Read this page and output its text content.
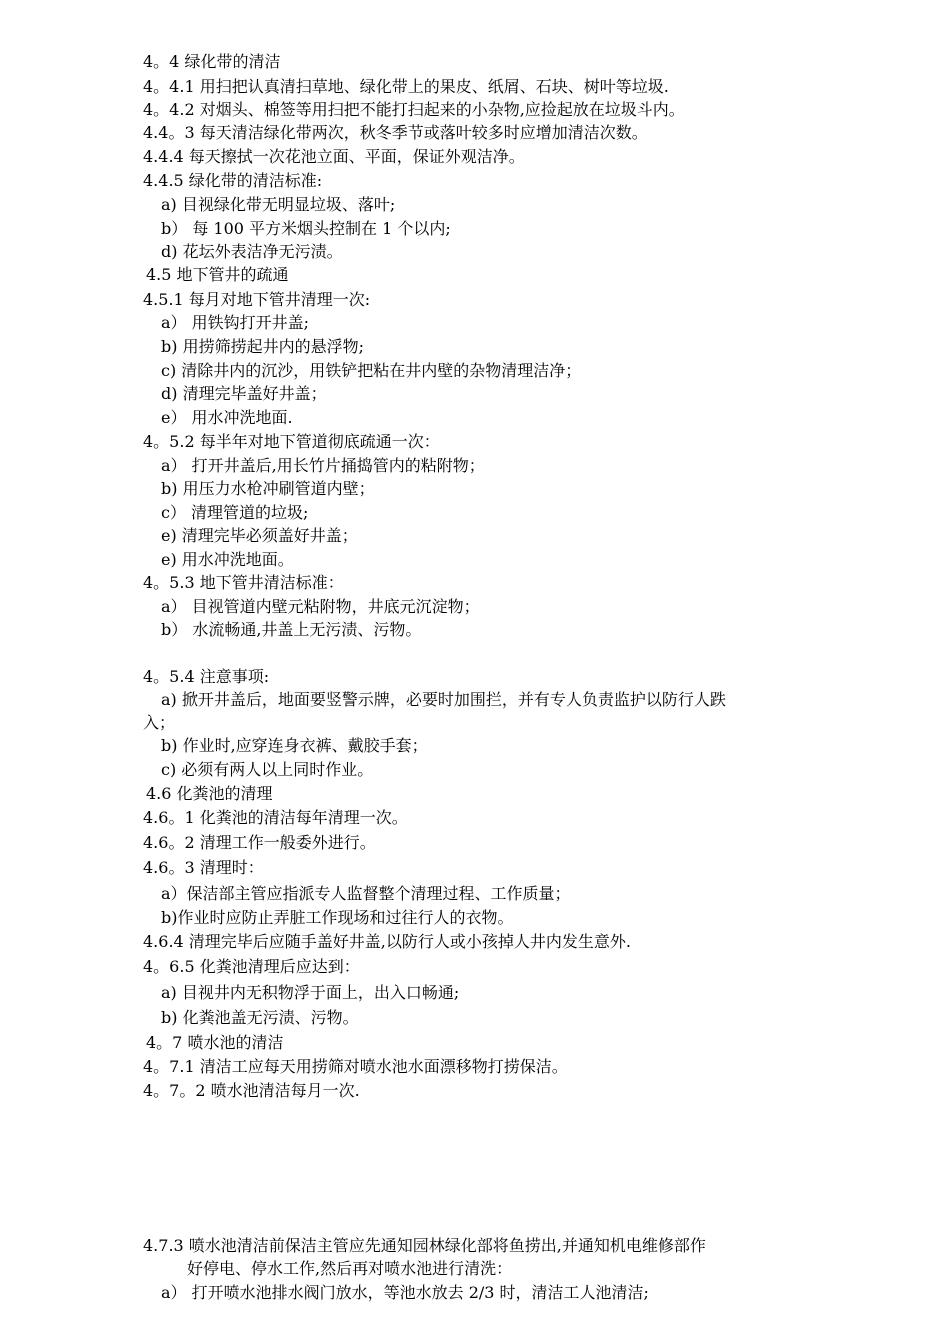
4。4 绿化带的清洁
4。4.1 用扫把认真清扫草地、绿化带上的果皮、纸屑、石块、树叶等垃圾.
4。4.2 对烟头、棉签等用扫把不能打扫起来的小杂物,应捡起放在垃圾斗内。
4.4。3 每天清洁绿化带两次，秋冬季节或落叶较多时应增加清洁次数。
4.4.4 每天擦拭一次花池立面、平面，保证外观洁净。
4.4.5 绿化带的清洁标准:
a) 目视绿化带无明显垃圾、落叶;
b） 每 100 平方米烟头控制在 1 个以内;
d) 花坛外表洁净无污渍。
4.5 地下管井的疏通
4.5.1 每月对地下管井清理一次:
a） 用铁钩打开井盖;
b) 用捞筛捞起井内的悬浮物;
c) 清除井内的沉沙，用铁铲把粘在井内壁的杂物清理洁净；
d) 清理完毕盖好井盖；
e） 用水冲洗地面.
4。5.2 每半年对地下管道彻底疏通一次：
a） 打开井盖后,用长竹片捅捣管内的粘附物；
b) 用压力水枪冲刷管道内壁；
c） 清理管道的垃圾;
e) 清理完毕必须盖好井盖；
e) 用水冲洗地面。
4。5.3 地下管井清洁标准：
a） 目视管道内壁元粘附物，井底元沉淀物；
b） 水流畅通,井盖上无污渍、污物。
4。5.4 注意事项:
a) 掀开井盖后，地面要竖警示牌，必要时加围拦，并有专人负责监护以防行人跌
入；
b) 作业时,应穿连身衣裤、戴胶手套；
c) 必须有两人以上同时作业。
4.6 化粪池的清理
4.6。1 化粪池的清洁每年清理一次。
4.6。2 清理工作一般委外进行。
4.6。3 清理时：
a）保洁部主管应指派专人监督整个清理过程、工作质量；
b)作业时应防止弄脏工作现场和过往行人的衣物。
4.6.4 清理完毕后应随手盖好井盖,以防行人或小孩掉人井内发生意外.
4。6.5 化粪池清理后应达到：
a) 目视井内无积物浮于面上，出入口畅通;
b) 化粪池盖无污渍、污物。
4。7 喷水池的清洁
4。7.1 清洁工应每天用捞筛对喷水池水面漂移物打捞保洁。
4。7。2 喷水池清洁每月一次.
4.7.3 喷水池清洁前保洁主管应先通知园林绿化部将鱼捞出,并通知机电维修部作
好停电、停水工作,然后再对喷水池进行清洗：
a） 打开喷水池排水阀门放水，等池水放去 2/3 时，清洁工人池清洁;
